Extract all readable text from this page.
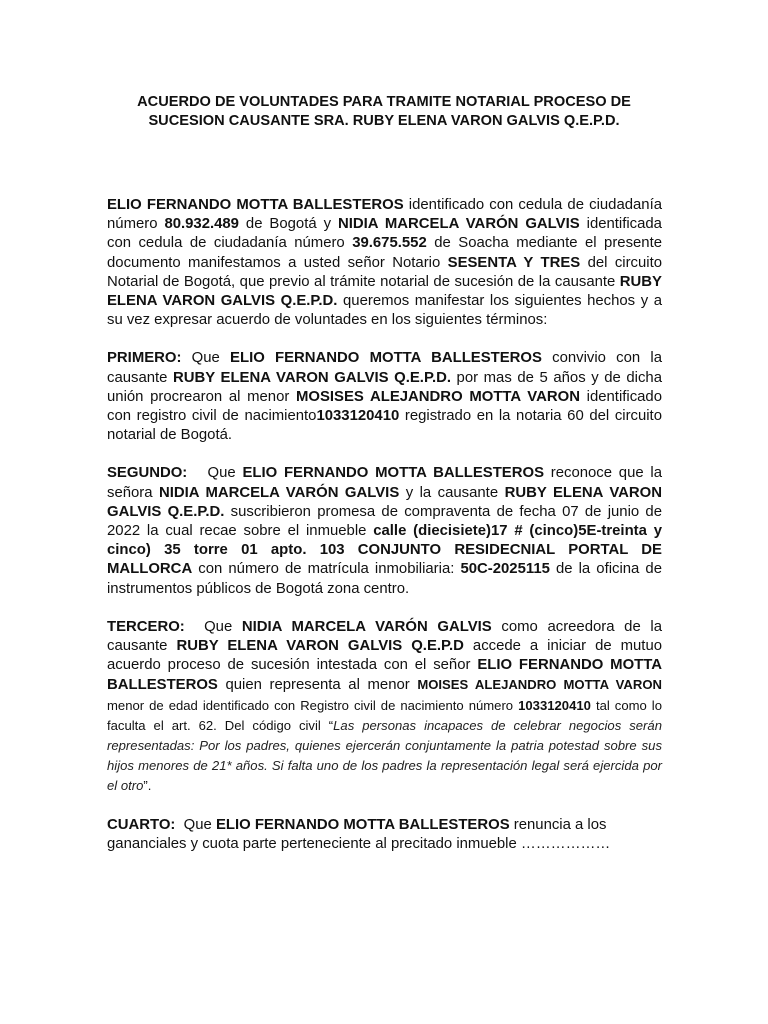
ACUERDO DE VOLUNTADES PARA TRAMITE NOTARIAL PROCESO DE
SUCESION CAUSANTE SRA. RUBY ELENA VARON GALVIS Q.E.P.D.

ELIO FERNANDO MOTTA BALLESTEROS identificado con cedula de ciudadanía número 80.932.489 de Bogotá y NIDIA MARCELA VARÓN GALVIS identificada con cedula de ciudadanía número 39.675.552 de Soacha mediante el presente documento manifestamos a usted señor Notario SESENTA Y TRES del circuito Notarial de Bogotá, que previo al trámite notarial de sucesión de la causante RUBY ELENA VARON GALVIS Q.E.P.D. queremos manifestar los siguientes hechos y a su vez expresar acuerdo de voluntades en los siguientes términos:

PRIMERO: Que ELIO FERNANDO MOTTA BALLESTEROS convivio con la causante RUBY ELENA VARON GALVIS Q.E.P.D. por mas de 5 años y de dicha unión procrearon al menor MOSISES ALEJANDRO MOTTA VARON identificado con registro civil de nacimiento1033120410 registrado en la notaria 60 del circuito notarial de Bogotá.

SEGUNDO:   Que ELIO FERNANDO MOTTA BALLESTEROS reconoce que la señora NIDIA MARCELA VARÓN GALVIS y la causante RUBY ELENA VARON GALVIS Q.E.P.D. suscribieron promesa de compraventa de fecha 07 de junio de 2022 la cual recae sobre el inmueble calle (diecisiete)17 # (cinco)5E-treinta y cinco) 35 torre 01 apto. 103 CONJUNTO RESIDECNIAL PORTAL DE MALLORCA con número de matrícula inmobiliaria: 50C-2025115 de la oficina de instrumentos públicos de Bogotá zona centro.

TERCERO:  Que NIDIA MARCELA VARÓN GALVIS como acreedora de la causante RUBY ELENA VARON GALVIS Q.E.P.D accede a iniciar de mutuo acuerdo proceso de sucesión intestada con el señor ELIO FERNANDO MOTTA BALLESTEROS quien representa al menor MOISES ALEJANDRO MOTTA VARON menor de edad identificado con Registro civil de nacimiento número 1033120410 tal como lo faculta el art. 62. Del código civil “Las personas incapaces de celebrar negocios serán representadas: Por los padres, quienes ejercerán conjuntamente la patria potestad sobre sus hijos menores de 21* años. Si falta uno de los padres la representación legal será ejercida por el otro”.

CUARTO:  Que ELIO FERNANDO MOTTA BALLESTEROS renuncia a los gananciales y cuota parte perteneciente al precitado inmueble ………………
